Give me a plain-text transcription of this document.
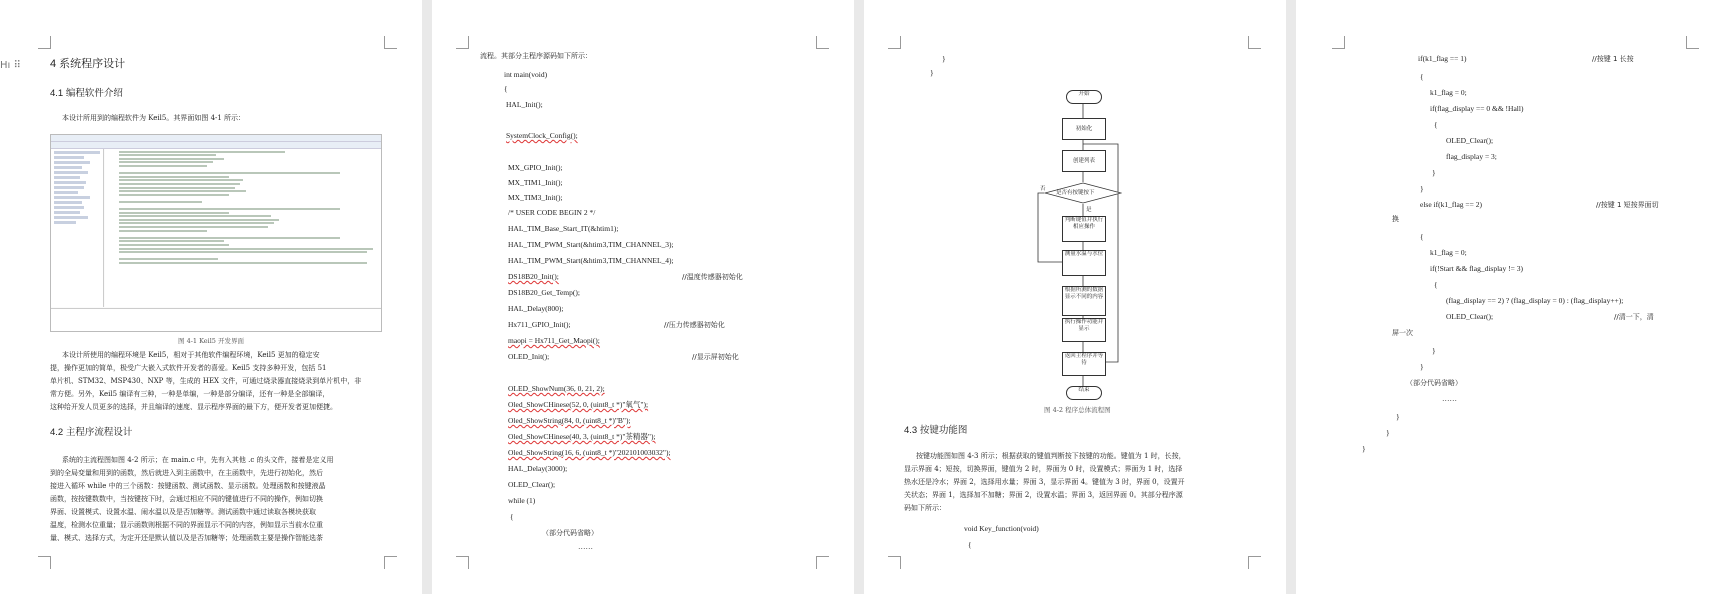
Hı ⠿	4 系统程序设计
4.1 编程软件介绍
本设计所用到的编程软件为 Keil5。其界面如图 4-1 所示：
图 4-1 Keil5 开发界面
本设计所使用的编程环境是 Keil5，相对于其他软件编程环境，Keil5 更加的稳定安
提，操作更加的简单，极受广大嵌入式软件开发者的喜爱。Keil5 支持多种开发，包括 51
单片机、STM32、MSP430、NXP 等，生成的 HEX 文件，可通过烧录器直接烧录到单片机中，非
常方便。另外，Keil5 编译有三种，一种是单编，一种是部分编译，还有一种是全部编译，
这种给开发人员更多的选择，并且编译的速度、显示程序界面的最下方，便开发者更加便捷。
4.2 主程序流程设计
系统的主流程图如图 4-2 所示；在 main.c 中，先有入其他 .c 的头文件，接着是定义用
到的全局变量和用到的函数，然后就进入到主函数中，在主函数中，先进行初始化，然后
接进入循环 while 中的三个函数：按键函数、测试函数、显示函数。处理函数和按键液晶
函数，按按键数数中，当按键按下时，会通过相应不同的键值进行不同的操作，例如切换
界面、设置模式、设置水温、闹水温以及是否加糖等。测试函数中通过读取各模块获取
温度，检测水位重量；显示函数则根据不同的界面显示不同的内容，例如显示当前水位重
量、模式、选择方式，为定开还是默认值以及是否加糖等；处理函数主要是操作智能选茶
流程。其部分主程序源码如下所示：
int main(void)
{
HAL_Init();
SystemClock_Config();
MX_GPIO_Init();
MX_TIM1_Init();
MX_TIM3_Init();
/* USER CODE BEGIN 2 */
HAL_TIM_Base_Start_IT(&htim1);
HAL_TIM_PWM_Start(&htim3,TIM_CHANNEL_3);
HAL_TIM_PWM_Start(&htim3,TIM_CHANNEL_4);
DS18B20_Init();	//温度传感器初始化
DS18B20_Get_Temp();
HAL_Delay(800);
Hx711_GPIO_Init();	//压力传感器初始化
maopi = Hx711_Get_Maopi();
OLED_Init();	//显示屏初始化
OLED_ShowNum(36, 0, 21, 2);
Oled_ShowCHinese(52, 0, (uint8_t *)"氧气");
Oled_ShowString(84, 0, (uint8_t *)"B");
Oled_ShowCHinese(40, 3, (uint8_t *)"茶精器");
Oled_ShowString(16, 6, (uint8_t *)"202101003032");
HAL_Delay(3000);
OLED_Clear();
while (1)
{
（部分代码省略）
……
}
}
开始
初始化
创建列表
是否有按键按下
是
否
判断键值并执行相应操作
测量水温与水位
根据所测的数据显示不同的内容
执行操作功能并显示
返回主程序并等待
结束
图 4-2 程序总体流程图
4.3 按键功能图
按键功能图如图 4-3 所示；根据获取的键值判断按下按键的功能。键值为 1 时，长按，
显示界面 4；短按，切换界面，键值为 2 时，界面为 0 时，设置模式；界面为 1 时，选择
热水还是冷水；界面 2，选择用水量；界面 3，显示界面 4。键值为 3 时，界面 0，设置开
关状态；界面 1，选择加不加糖；界面 2，设置水温；界面 3，返回界面 0。其部分程序源
码如下所示：
void Key_function(void)
{
if(k1_flag == 1)	//按键 1 长按
{
k1_flag = 0;
if(flag_display == 0 && !Hall)
{
OLED_Clear();
flag_display = 3;
}
}
else if(k1_flag == 2)	//按键 1 短按界面切
换
{
k1_flag = 0;
if(!Start && flag_display != 3)
{
(flag_display == 2) ? (flag_display = 0) : (flag_display++);
OLED_Clear();	//清一下，清
屏一次
}
}
（部分代码省略）
……
}
}
}
